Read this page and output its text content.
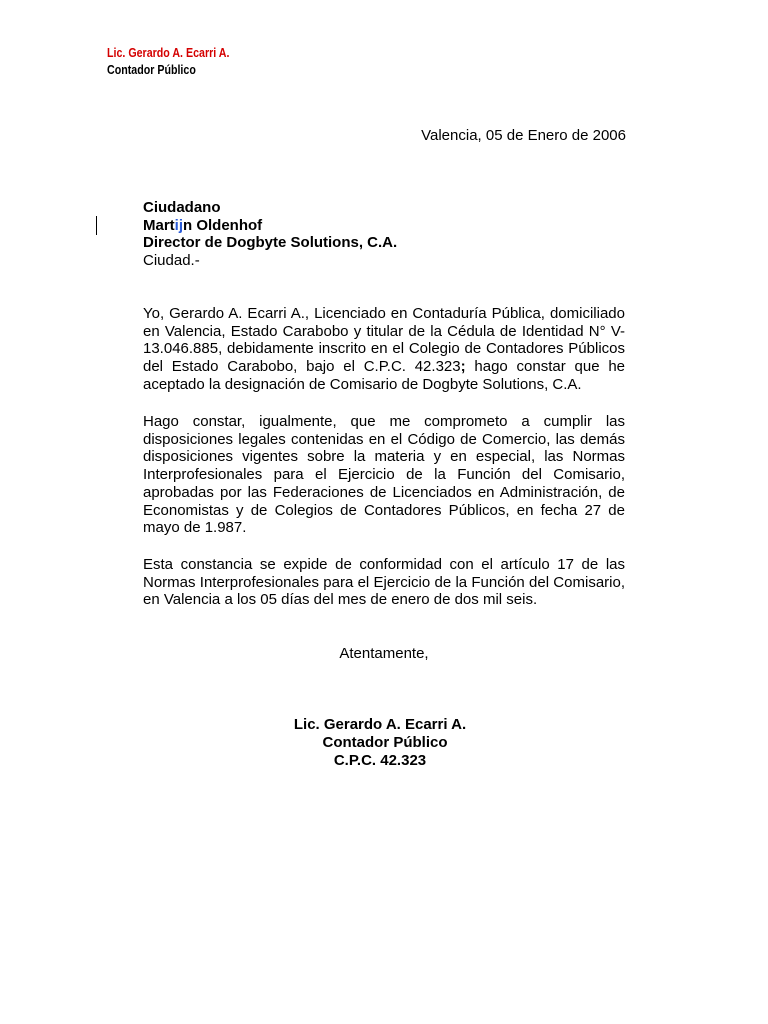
Lic. Gerardo A. Ecarri A.
Contador Público
Valencia, 05 de Enero de 2006
Ciudadano
Martijn Oldenhof
Director de Dogbyte Solutions, C.A.
Ciudad.-
Yo, Gerardo A. Ecarri A., Licenciado en Contaduría Pública, domiciliado en Valencia, Estado Carabobo y titular de la Cédula de Identidad N° V-13.046.885, debidamente inscrito en el Colegio de Contadores Públicos del Estado Carabobo, bajo el C.P.C. 42.323; hago constar que he aceptado la designación de Comisario de Dogbyte Solutions, C.A.
Hago constar, igualmente, que me comprometo a cumplir las disposiciones legales contenidas en el Código de Comercio, las demás disposiciones vigentes sobre la materia y en especial, las Normas Interprofesionales para el Ejercicio de la Función del Comisario, aprobadas por las Federaciones de Licenciados en Administración, de Economistas y de Colegios de Contadores Públicos, en fecha 27 de mayo de 1.987.
Esta constancia se expide de conformidad con el artículo 17 de las Normas Interprofesionales para el Ejercicio de la Función del Comisario, en Valencia a los 05 días del mes de enero de dos mil seis.
Atentamente,
Lic. Gerardo A. Ecarri A.
Contador Público
C.P.C. 42.323
